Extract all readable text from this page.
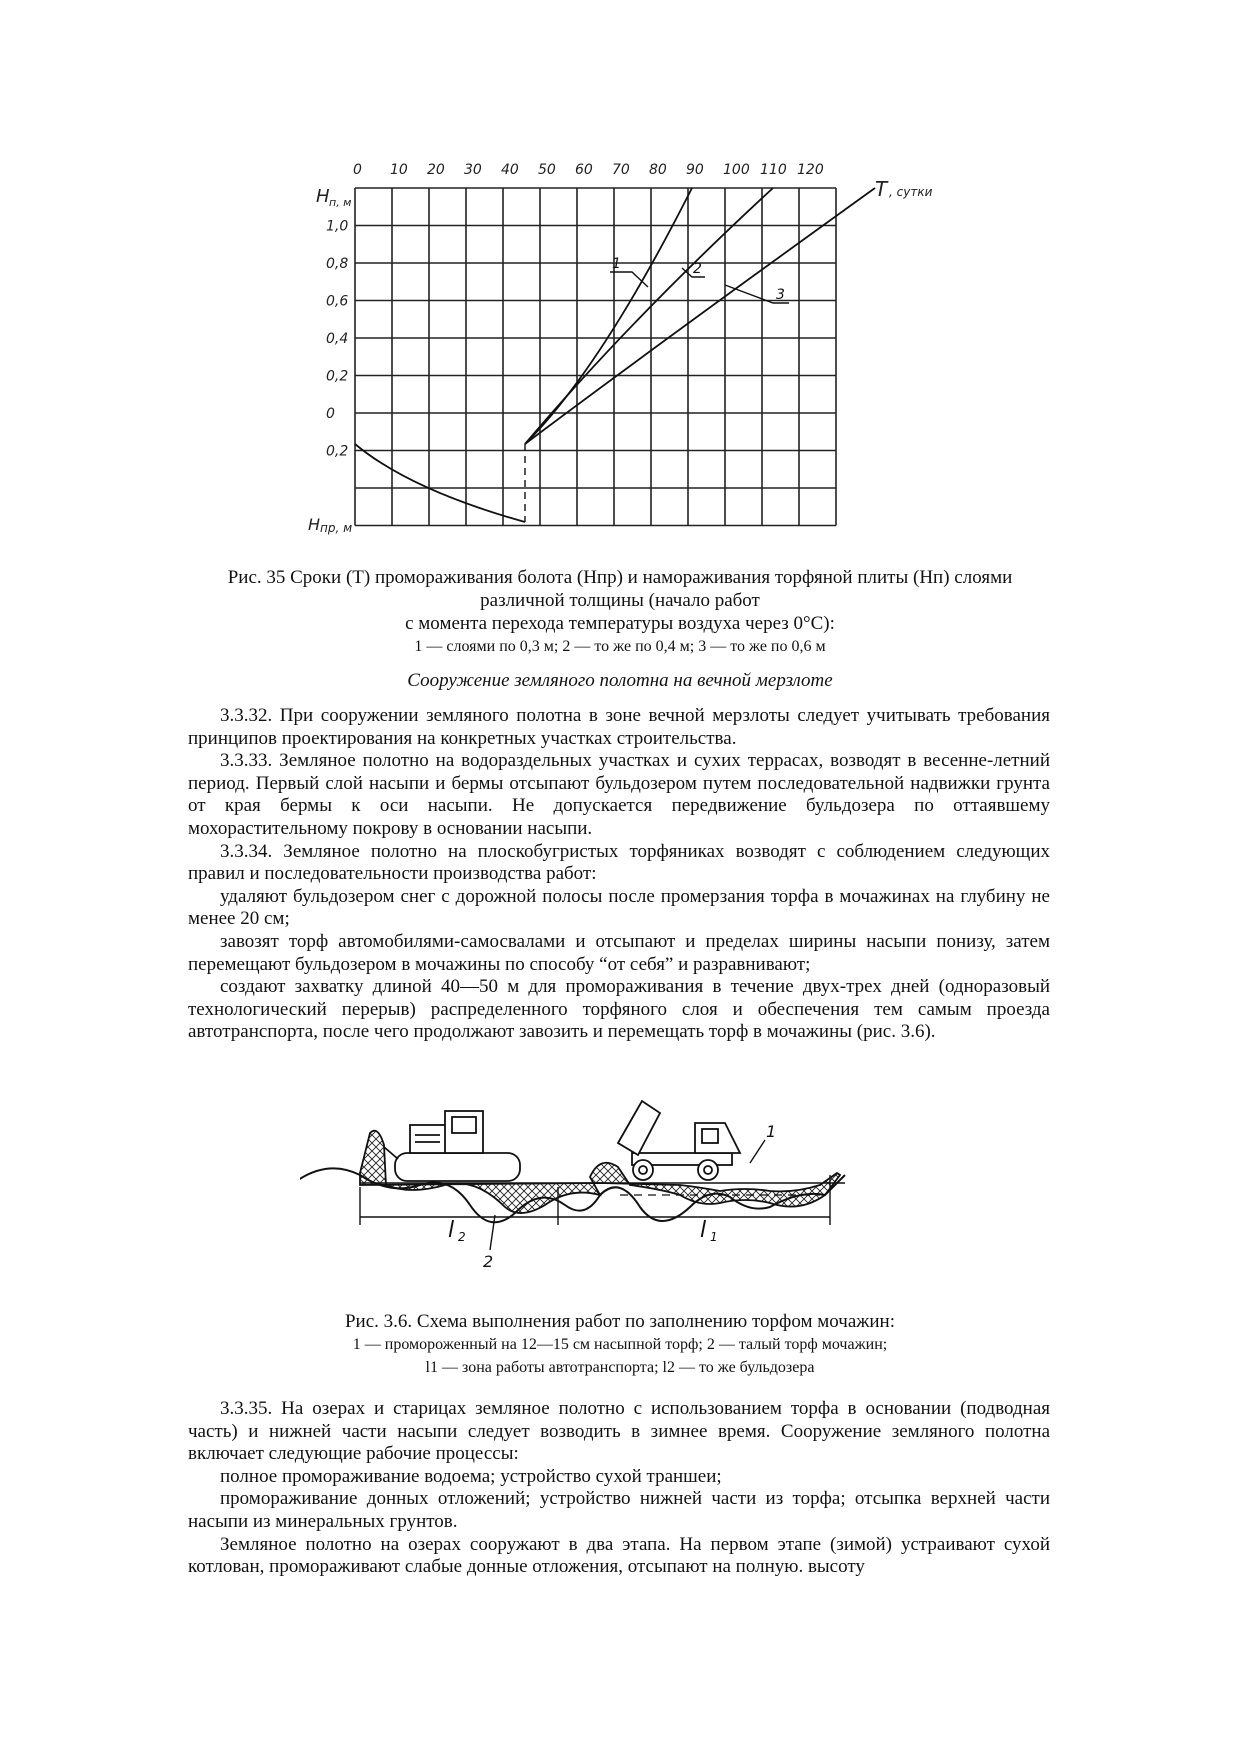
0 10 20 30 40 50 60 70 80 90 100 110 120
1,0
0,8
0,6
0,4
0,2
0
0,2
H п, м
H пр, м
T , сутки
1	2
3
Рис. 35 Сроки (T) промораживания болота (Hпр) и намораживания торфяной плиты (Hп) слоями
различной толщины (начало работ
с момента перехода температуры воздуха через 0°С):
1 — слоями по 0,3 м; 2 — то же по 0,4 м; 3 — то же по 0,6 м
Сооружение земляного полотна на вечной мерзлоте

3.3.32. При сооружении земляного полотна в зоне вечной мерзлоты следует учитывать требования принципов проектирования на конкретных участках строительства.

3.3.33. Земляное полотно на водораздельных участках и сухих террасах, возводят в весенне-летний период. Первый слой насыпи и бермы отсыпают бульдозером путем последовательной надвижки грунта от края бермы к оси насыпи. Не допускается передвижение бульдозера по оттаявшему мохорастительному покрову в основании насыпи.

3.3.34. Земляное полотно на плоскобугристых торфяниках возводят с соблюдением следующих правил и последовательности производства работ:

удаляют бульдозером снег с дорожной полосы после промерзания торфа в мочажинах на глубину не менее 20 см;

завозят торф автомобилями-самосвалами и отсыпают и пределах ширины насыпи понизу, затем перемещают бульдозером в мочажины по способу “от себя” и разравнивают;

создают захватку длиной 40—50 м для промораживания в течение двух-трех дней (одноразовый технологический перерыв) распределенного торфяного слоя и обеспечения тем самым проезда автотранспорта, после чего продолжают завозить и перемещать торф в мочажины (рис. 3.6).

l 2	l 1
2
1
Рис. 3.6. Схема выполнения работ по заполнению торфом мочажин:
1 — промороженный на 12—15 см насыпной торф; 2 — талый торф мочажин;
l1 — зона работы автотранспорта; l2 — то же бульдозера

3.3.35. На озерах и старицах земляное полотно с использованием торфа в основании (подводная часть) и нижней части насыпи следует возводить в зимнее время. Сооружение земляного полотна включает следующие рабочие процессы:

полное промораживание водоема; устройство сухой траншеи;

промораживание донных отложений; устройство нижней части из торфа; отсыпка верхней части насыпи из минеральных грунтов.

Земляное полотно на озерах сооружают в два этапа. На первом этапе (зимой) устраивают сухой котлован, промораживают слабые донные отложения, отсыпают на полную. высоту
